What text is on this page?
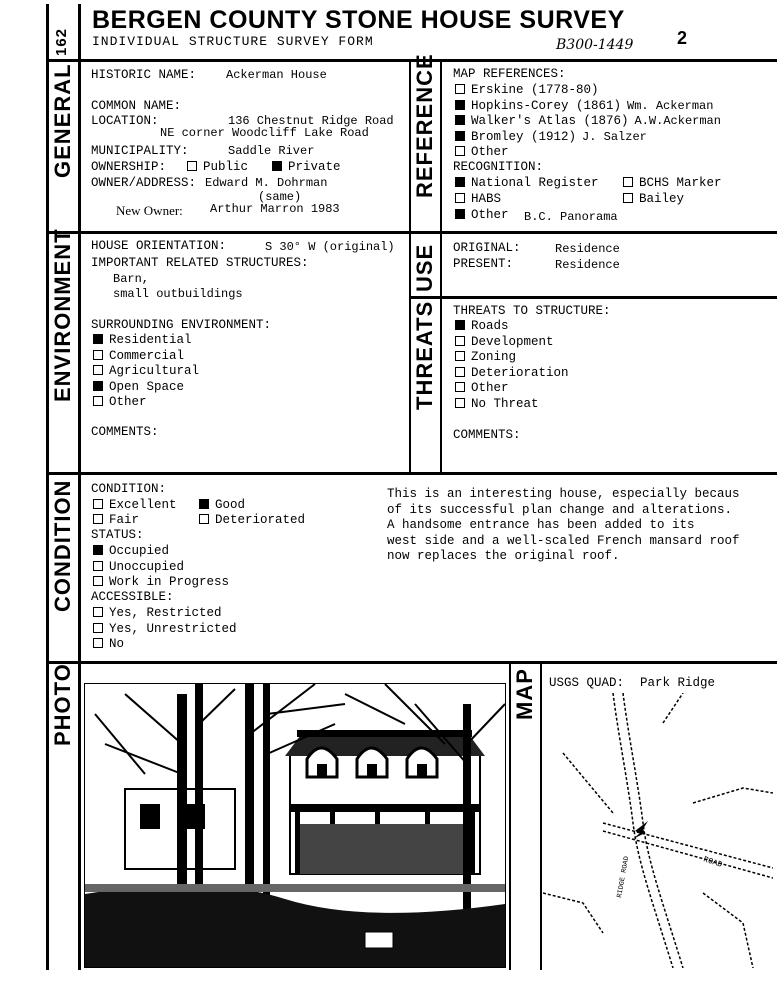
162
BERGEN COUNTY STONE HOUSE SURVEY
INDIVIDUAL STRUCTURE SURVEY FORM	B300-1449 2
GENERAL	REFERENCE
ENVIRONMENT	USE
THREATS
CONDITION
PHOTO	MAP
HISTORIC NAME: Ackerman House
COMMON NAME:
LOCATION:	136 Chestnut Ridge Road
NE corner Woodcliff Lake Road
MUNICIPALITY:	Saddle River
OWNERSHIP:	Public	Private
OWNER/ADDRESS: Edward M. Dohrman
(same)
New Owner: Arthur Marron 1983
MAP REFERENCES:
Erskine (1778-80)
Hopkins-Corey (1861) Wm. Ackerman
Walker's Atlas (1876) A.W.Ackerman
Bromley (1912) J. Salzer
Other
RECOGNITION:
National Register	BCHS Marker
HABS	Bailey
Other B.C. Panorama
HOUSE ORIENTATION:	S 30° W (original)
IMPORTANT RELATED STRUCTURES:
Barn,
small outbuildings
SURROUNDING ENVIRONMENT:
Residential
Commercial
Agricultural
Open Space
Other
COMMENTS:
ORIGINAL:	Residence
PRESENT:	Residence
THREATS TO STRUCTURE:
Roads
Development
Zoning
Deterioration
Other
No Threat
COMMENTS:
CONDITION:
Excellent	Good
Fair	Deteriorated
STATUS:
Occupied
Unoccupied
Work in Progress
ACCESSIBLE:
Yes, Restricted
Yes, Unrestricted
No
This is an interesting house, especially becaus
of its successful plan change and alterations.
A handsome entrance has been added to its
west side and a well-scaled French mansard roof
now replaces the original roof.
USGS QUAD: Park Ridge
ROAD
RIDGE ROAD
